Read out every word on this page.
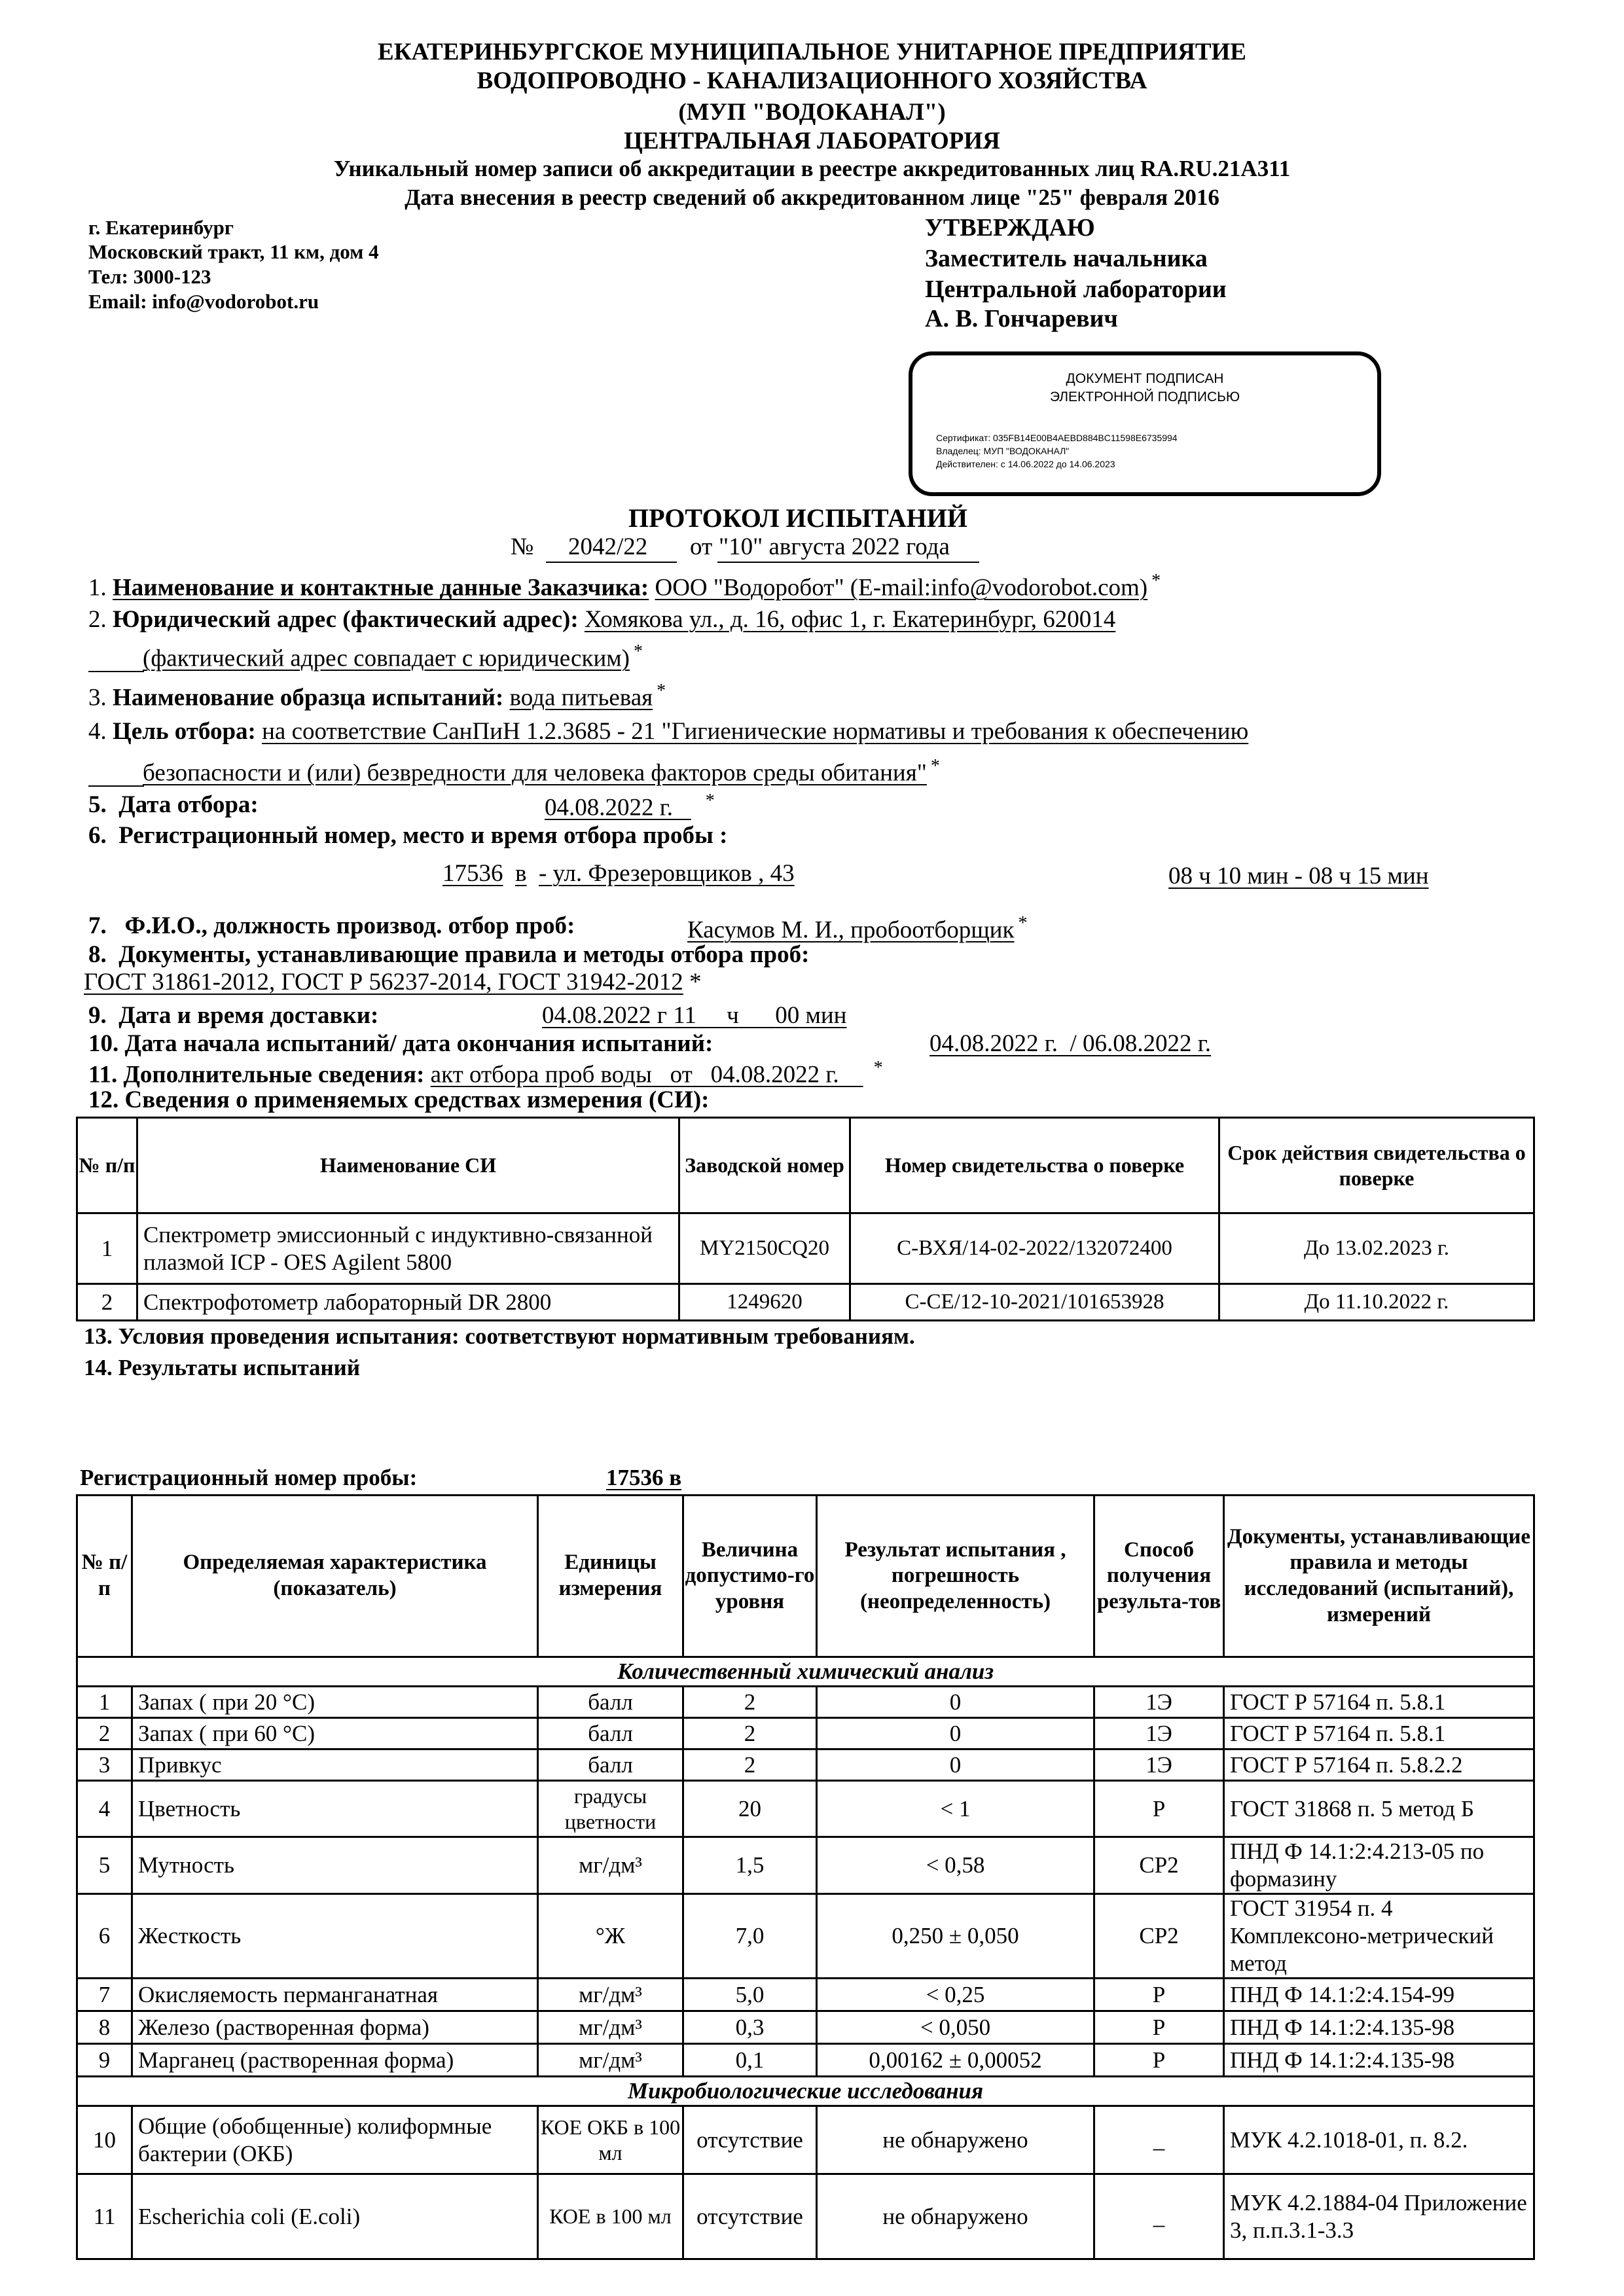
ЕКАТЕРИНБУРГСКОЕ МУНИЦИПАЛЬНОЕ УНИТАРНОЕ ПРЕДПРИЯТИЕ
ВОДОПРОВОДНО - КАНАЛИЗАЦИОННОГО ХОЗЯЙСТВА
(МУП "ВОДОКАНАЛ")
ЦЕНТРАЛЬНАЯ ЛАБОРАТОРИЯ
Уникальный номер записи об аккредитации в реестре аккредитованных лиц RA.RU.21А311
Дата внесения в реестр сведений об аккредитованном лице "25" февраля 2016
г. Екатеринбург
Московский тракт, 11 км, дом 4
Тел: 3000-123
Email: info@vodorobot.ru
УТВЕРЖДАЮ
Заместитель начальника
Центральной лаборатории
А. В. Гончаревич
ДОКУМЕНТ ПОДПИСАН
ЭЛЕКТРОННОЙ ПОДПИСЬЮ
Сертификат: 035FB14E00B4AEBD884BC11598E6735994
Владелец: МУП "ВОДОКАНАЛ"
Действителен: с 14.06.2022 до 14.06.2023
ПРОТОКОЛ ИСПЫТАНИЙ
№ 2042/22 от "10" августа 2022 года
1. Наименование и контактные данные Заказчика: ООО "Водоробот" (E-mail:info@vodorobot.com) *
2. Юридический адрес (фактический адрес): Хомякова ул., д. 16, офис 1, г. Екатеринбург, 620014
(фактический адрес совпадает с юридическим) *
3. Наименование образца испытаний: вода питьевая *
4. Цель отбора: на соответствие СанПиН 1.2.3685 - 21 "Гигиенические нормативы и требования к обеспечению
безопасности и (или) безвредности для человека факторов среды обитания" *
5. Дата отбора:	04.08.2022 г. *
6. Регистрационный номер, место и время отбора пробы :
17536 в - ул. Фрезеровщиков , 43	08 ч 10 мин - 08 ч 15 мин
7. Ф.И.О., должность производ. отбор проб:	Касумов М. И., пробоотборщик *
8. Документы, устанавливающие правила и методы отбора проб:
ГОСТ 31861-2012, ГОСТ Р 56237-2014, ГОСТ 31942-2012 *
9. Дата и время доставки:	04.08.2022 г 11 ч 00 мин
10. Дата начала испытаний/ дата окончания испытаний:	04.08.2022 г. / 06.08.2022 г.
11. Дополнительные сведения: акт отбора проб воды от 04.08.2022 г. *
12. Сведения о применяемых средствах измерения (СИ):
№ п/п	Наименование СИ	Заводской номер	Номер свидетельства о поверке	Срок действия свидетельства о поверке
1	Спектрометр эмиссионный с индуктивно-связанной плазмой ICP - OES Agilent 5800	MY2150CQ20	С-ВХЯ/14-02-2022/132072400	До 13.02.2023 г.
2	Спектрофотометр лабораторный DR 2800	1249620	С-СЕ/12-10-2021/101653928	До 11.10.2022 г.
13. Условия проведения испытания: соответствуют нормативным требованиям.
14. Результаты испытаний
Регистрационный номер пробы:	17536 в
№ п/п	Определяемая характеристика (показатель)	Единицы измерения	Величина допустимо-го уровня	Результат испытания , погрешность (неопределенность)	Способ получения результа-тов	Документы, устанавливающие правила и методы исследований (испытаний), измерений
Количественный химический анализ						
1	Запах ( при 20 °С)	балл	2	0	1Э	ГОСТ Р 57164 п. 5.8.1
2	Запах ( при 60 °С)	балл	2	0	1Э	ГОСТ Р 57164 п. 5.8.1
3	Привкус	балл	2	0	1Э	ГОСТ Р 57164 п. 5.8.2.2
4	Цветность	градусы цветности	20	< 1	Р	ГОСТ 31868 п. 5 метод Б
5	Мутность	мг/дм³	1,5	< 0,58	СР2	ПНД Ф 14.1:2:4.213-05 по формазину
6	Жесткость	°Ж	7,0	0,250 ± 0,050	СР2	ГОСТ 31954 п. 4 Комплексоно-метрический метод
7	Окисляемость перманганатная	мг/дм³	5,0	< 0,25	Р	ПНД Ф 14.1:2:4.154-99
8	Железо (растворенная форма)	мг/дм³	0,3	< 0,050	Р	ПНД Ф 14.1:2:4.135-98
9	Марганец (растворенная форма)	мг/дм³	0,1	0,00162 ± 0,00052	Р	ПНД Ф 14.1:2:4.135-98
Микробиологические исследования						
10	Общие (обобщенные) колиформные бактерии (ОКБ)	КОЕ ОКБ в 100 мл	отсутствие	не обнаружено	_	МУК 4.2.1018-01, п. 8.2.
11	Escherichia coli (E.coli)	КОЕ в 100 мл	отсутствие	не обнаружено	_	МУК 4.2.1884-04 Приложение 3, п.п.3.1-3.3
